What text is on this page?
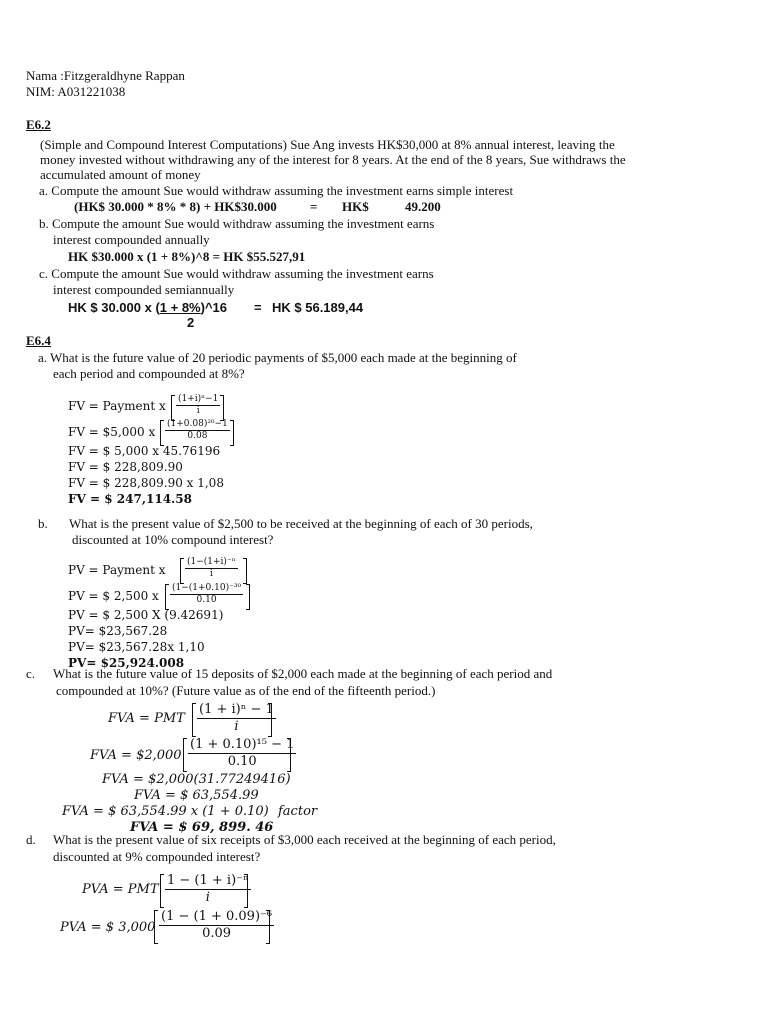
Nama :Fitzgeraldhyne Rappan
NIM: A031221038
E6.2
(Simple and Compound Interest Computations) Sue Ang invests HK$30,000 at 8% annual interest, leaving the
money invested without withdrawing any of the interest for 8 years. At the end of the 8 years, Sue withdraws the
accumulated amount of money
a. Compute the amount Sue would withdraw assuming the investment earns simple interest
(HK$ 30.000 * 8% * 8) + HK$30.000	= HK$	49.200
b. Compute the amount Sue would withdraw assuming the investment earns
interest compounded annually
HK $30.000 x (1 + 8%)^8 = HK $55.527,91
c. Compute the amount Sue would withdraw assuming the investment earns
interest compounded semiannually
HK $ 30.000 x (1 + 8%)^16 = HK $ 56.189,44
2
E6.4
a. What is the future value of 20 periodic payments of $5,000 each made at the beginning of
each period and compounded at 8%?
FV = Payment x $\frac{\text{(1+i)ⁿ−1}}{i}$
FV = $5,000 x $\frac{\text{(1+0.08)²⁰−1}}{0.08}$
FV = $ 5,000 x 45.76196
FV = $ 228,809.90
FV = $ 228,809.90 x 1,08
FV = $ 247,114.58
b. What is the present value of $2,500 to be received at the beginning of each of 30 periods,
discounted at 10% compound interest?
PV = Payment x $\frac{\text{(1−(1+i)⁻ⁿ}}{i}$
PV = $ 2,500 x $\frac{\text{(1−(1+0.10)⁻³⁰}}{0.10}$
PV = $ 2,500 X (9.42691)
PV= $23,567.28
PV= $23,567.28x 1,10
PV= $25,924.008
c. What is the future value of 15 deposits of $2,000 each made at the beginning of each period and
compounded at 10%? (Future value as of the end of the fifteenth period.)
FVA = PMT $\frac{\text{(1 + i)ⁿ − 1}}{i}$
FVA = $2,000 $\frac{\text{(1 + 0.10)¹⁵ − 1}}{0.10}$
FVA = $2,000(31.77249416)
FVA = $ 63,554.99
FVA = $ 63,554.99 x (1 + 0.10) factor
FVA = $ 69, 899. 46
d. What is the present value of six receipts of $3,000 each received at the beginning of each period,
discounted at 9% compounded interest?
PVA = PMT $\frac{\text{1 − (1 + i)⁻ⁿ}}{i}$
PVA = $ $3,000 \frac{\text{(1 − (1 + 0.09)⁻⁶}}{0.09}$
